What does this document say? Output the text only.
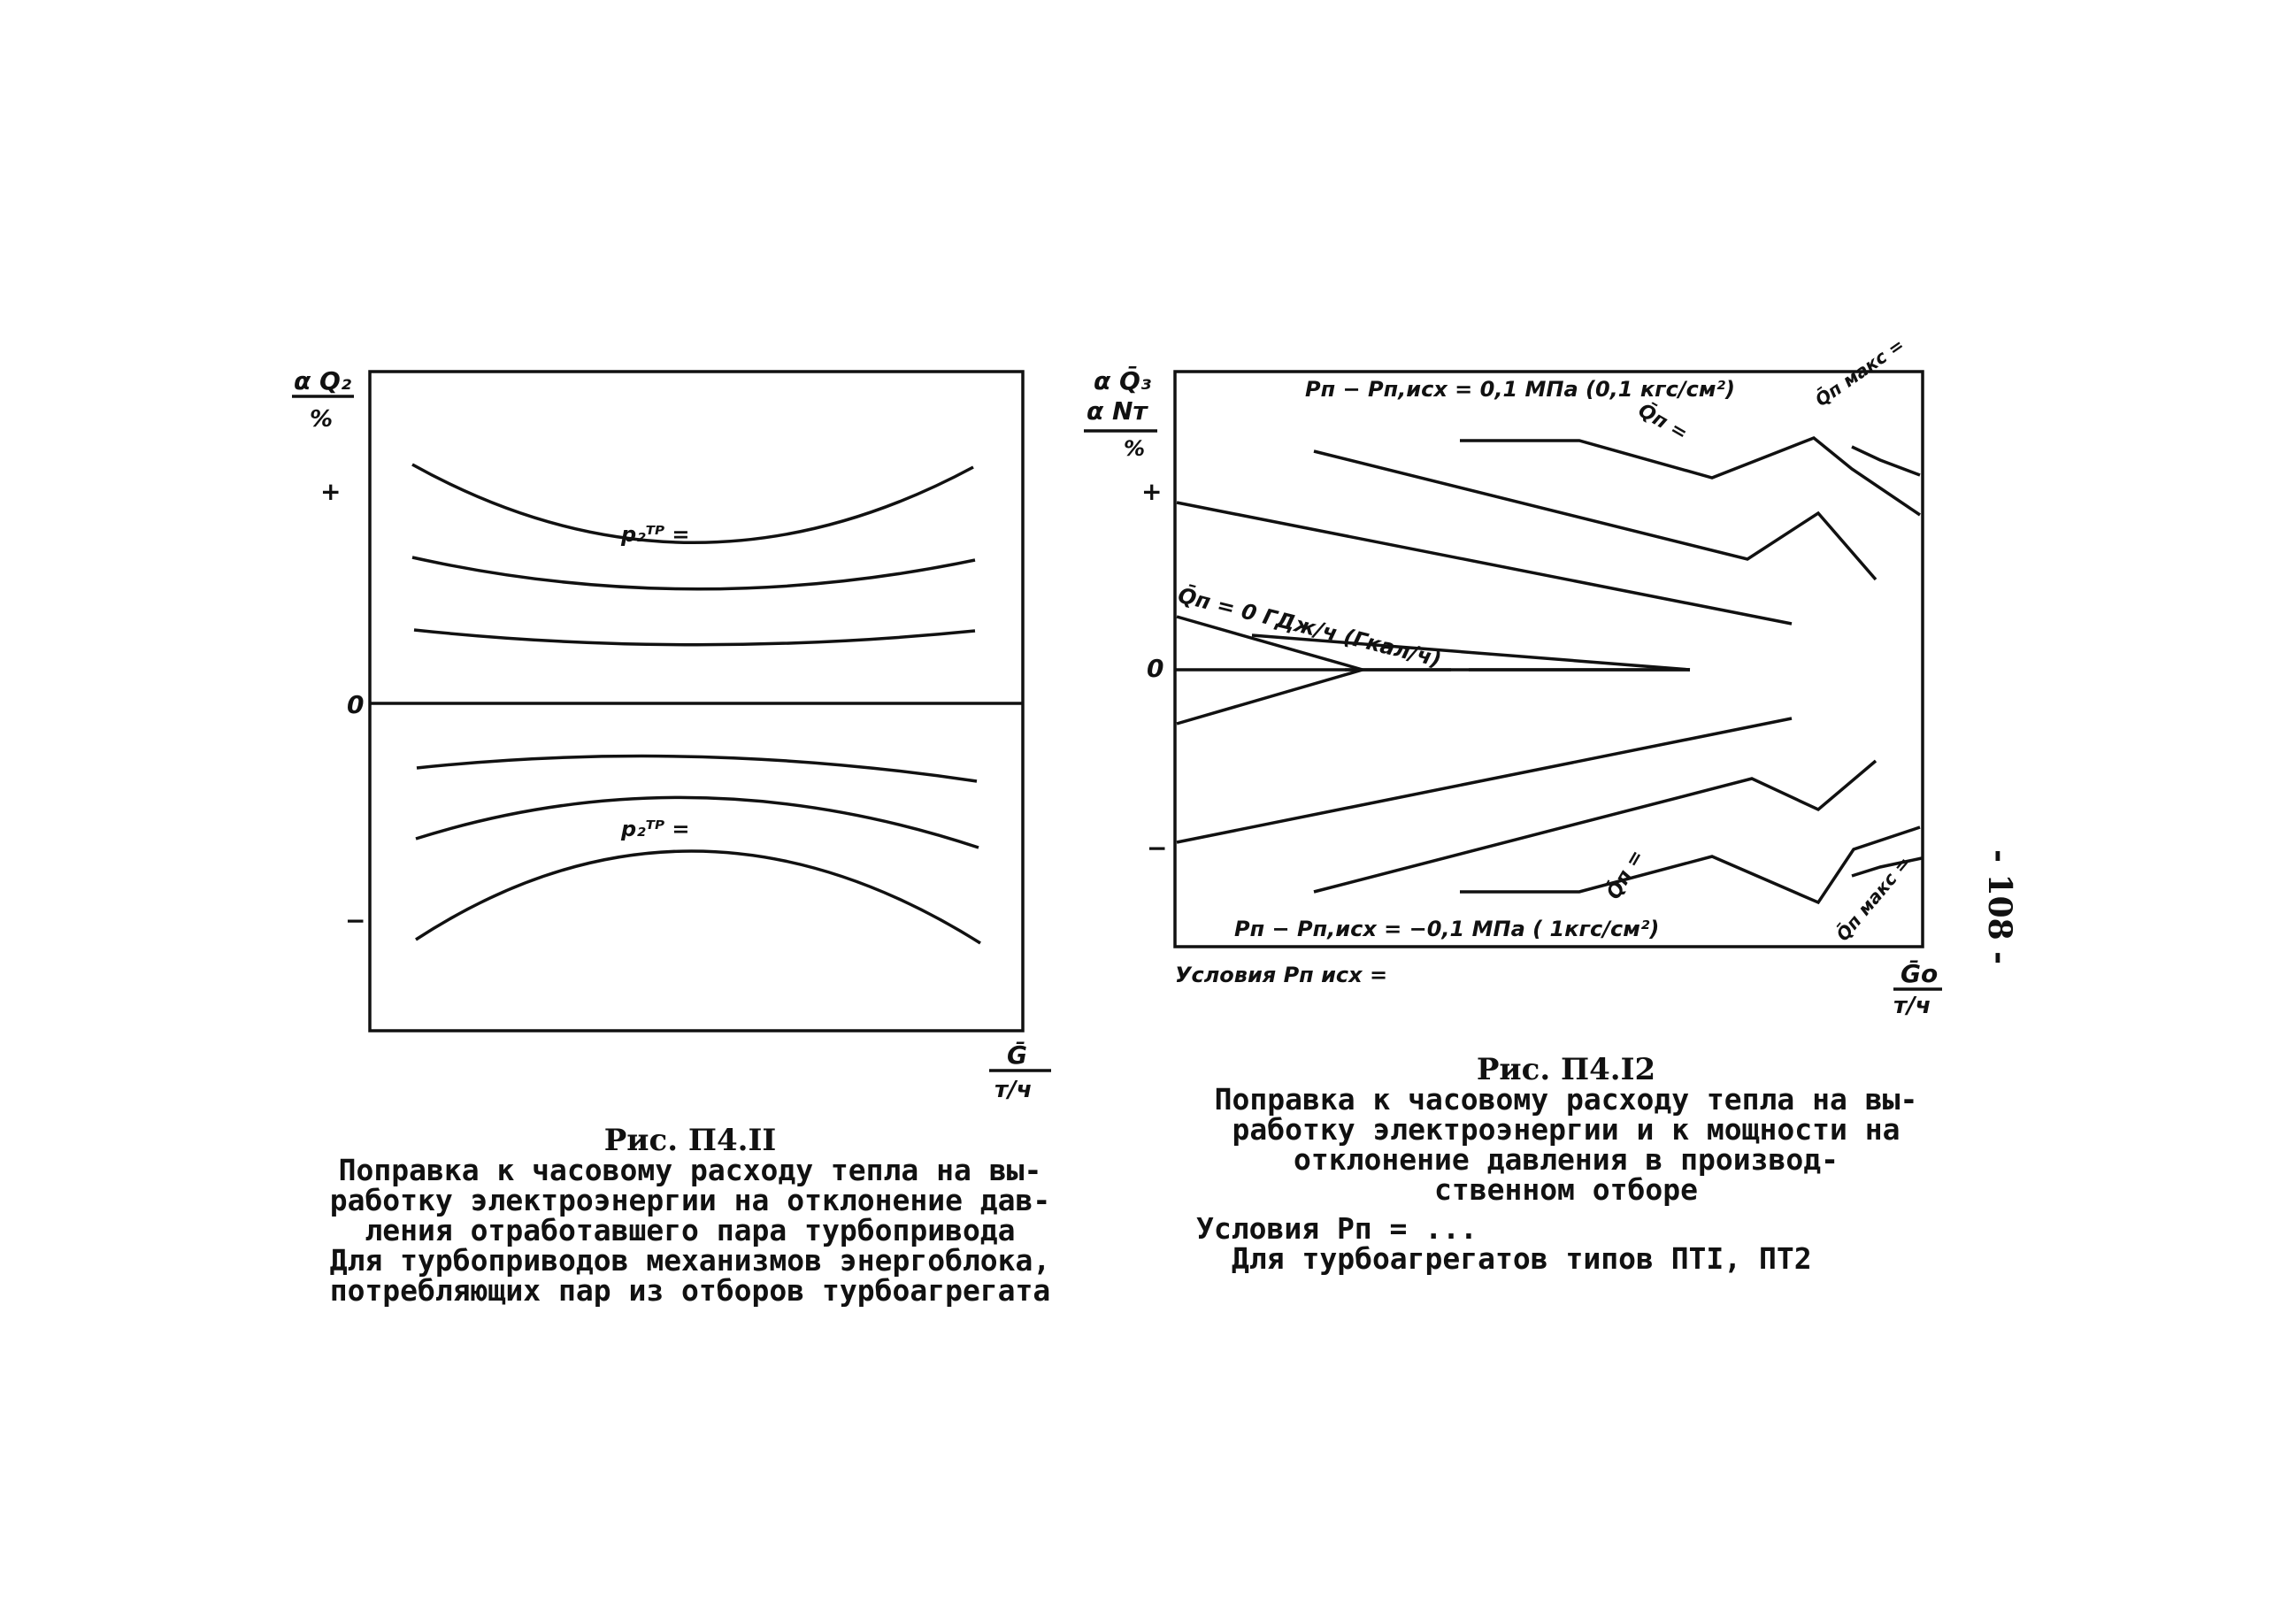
α Q₂
%
+
0
−
p₂ᵀᴾ =
p₂ᵀᴾ =
Ḡ
т/ч
α Q̄₃
α Nт
%
+
0
−
Pп − Pп,исх = 0,1 МПа (0,1 кгс/см²)
Q̄п =
Q̄п макс =
Q̄п = 0 ГДж/ч (Гкал/ч)
Q̄п =	Q̄п макс =
Pп − Pп,исх = −0,1 МПа ( 1кгс/см²)
Условия Pп исх =	Ḡо
т/ч
Рис. П4.II
Поправка к часовому расходу тепла на вы-
работку электроэнергии на отклонение дав-
ления отработавшего пара турбопривода
Для турбоприводов механизмов энергоблока,
потребляющих пар из отборов турбоагрегата
Рис. П4.I2
Поправка к часовому расходу тепла на вы-
работку электроэнергии и к мощности на
отклонение давления в производ-
ственном отборе
Условия Pп = ...
Для турбоагрегатов типов ПТI, ПТ2
- 108 -
